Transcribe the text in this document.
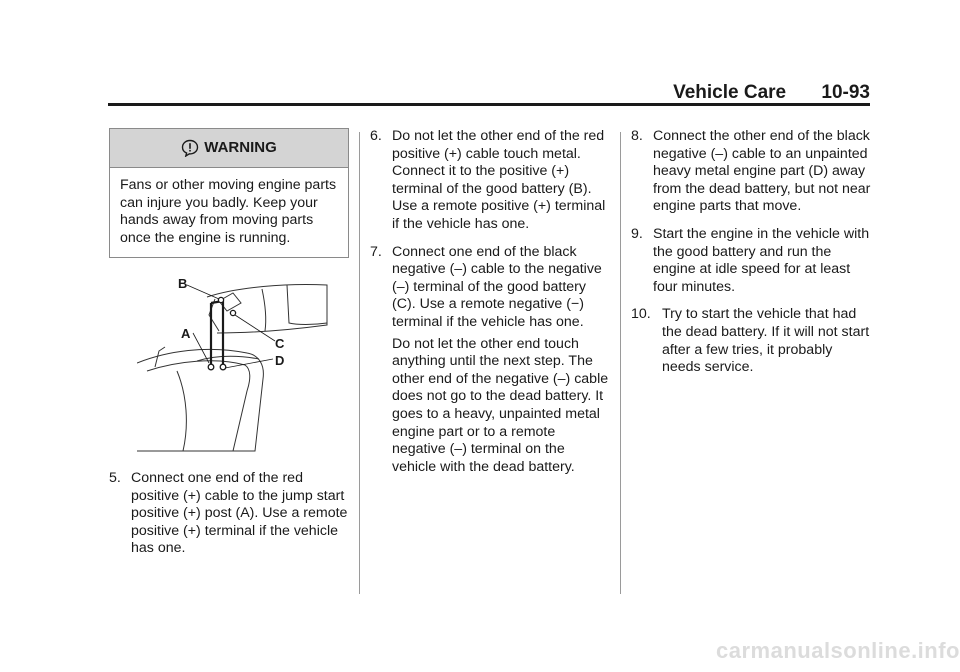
Vehicle Care 10-93
WARNING
Fans or other moving engine parts can injure you badly. Keep your hands away from moving parts once the engine is running.
5. Connect one end of the red positive (+) cable to the jump start positive (+) post (A). Use a remote positive (+) terminal if the vehicle has one.
B
A
C
D
6. Do not let the other end of the red positive (+) cable touch metal. Connect it to the positive (+) terminal of the good battery (B). Use a remote positive (+) terminal if the vehicle has one.
7. Connect one end of the black negative (–) cable to the negative (–) terminal of the good battery (C). Use a remote negative (−) terminal if the vehicle has one.
Do not let the other end touch anything until the next step. The other end of the negative (–) cable does not go to the dead battery. It goes to a heavy, unpainted metal engine part or to a remote negative (–) terminal on the vehicle with the dead battery.
8. Connect the other end of the black negative (–) cable to an unpainted heavy metal engine part (D) away from the dead battery, but not near engine parts that move.
9. Start the engine in the vehicle with the good battery and run the engine at idle speed for at least four minutes.
10. Try to start the vehicle that had the dead battery. If it will not start after a few tries, it probably needs service.
carmanualsonline.info
